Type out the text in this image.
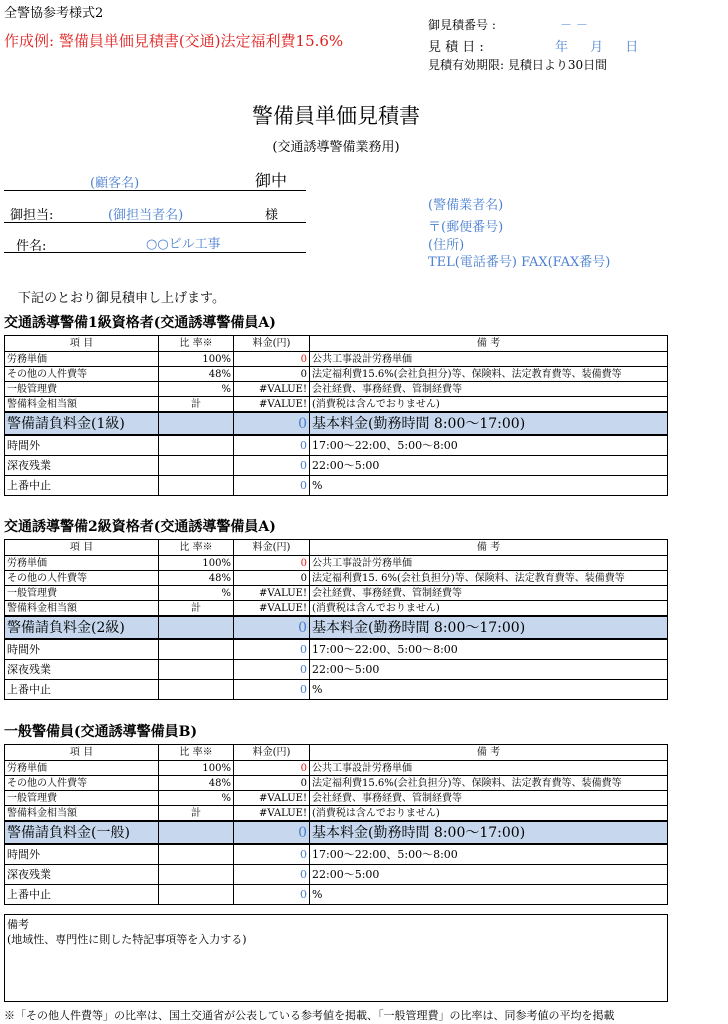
全警協参考様式2
作成例: 警備員単価見積書(交通)法定福利費15.6%
御見積番号 :	－ －
見 積 日 :	年 月 日
見積有効期限: 見積日より30日間
警備員単価見積書
(交通誘導警備業務用)
(顧客名)	御中
御担当:	(御担当者名)	様
件名:	○○ビル工事
(警備業者名)
〒(郵便番号)
(住所)
TEL(電話番号) FAX(FAX番号)
下記のとおり御見積申し上げます。
交通誘導警備1級資格者(交通誘導警備員A)
項 目	比 率※	料金(円)	備 考
労務単価	100%	0	公共工事設計労務単価
その他の人件費等	48%	0	法定福利費15.6%(会社負担分)等、保険料、法定教育費等、装備費等
一般管理費	%	#VALUE!	会社経費、事務経費、管制経費等
警備料金相当額	計	#VALUE!	(消費税は含んでおりません)
警備請負料金(1級)		0	基本料金(勤務時間 8:00～17:00)
時間外		0	17:00～22:00、5:00～8:00
深夜残業		0	22:00～5:00
上番中止		0	%
交通誘導警備2級資格者(交通誘導警備員A)
項 目	比 率※	料金(円)	備 考
労務単価	100%	0	公共工事設計労務単価
その他の人件費等	48%	0	法定福利費15. 6%(会社負担分)等、保険料、法定教育費等、装備費等
一般管理費	%	#VALUE!	会社経費、事務経費、管制経費等
警備料金相当額	計	#VALUE!	(消費税は含んでおりません)
警備請負料金(2級)		0	基本料金(勤務時間 8:00～17:00)
時間外		0	17:00～22:00、5:00～8:00
深夜残業		0	22:00～5:00
上番中止		0	%
一般警備員(交通誘導警備員B)
項 目	比 率※	料金(円)	備 考
労務単価	100%	0	公共工事設計労務単価
その他の人件費等	48%	0	法定福利費15.6%(会社負担分)等、保険料、法定教育費等、装備費等
一般管理費	%	#VALUE!	会社経費、事務経費、管制経費等
警備料金相当額	計	#VALUE!	(消費税は含んでおりません)
警備請負料金(一般)		0	基本料金(勤務時間 8:00～17:00)
時間外		0	17:00～22:00、5:00～8:00
深夜残業		0	22:00～5:00
上番中止		0	%
備考
(地域性、専門性に則した特記事項等を入力する)
※「その他人件費等」の比率は、国土交通省が公表している参考値を掲載、「一般管理費」の比率は、同参考値の平均を掲載
